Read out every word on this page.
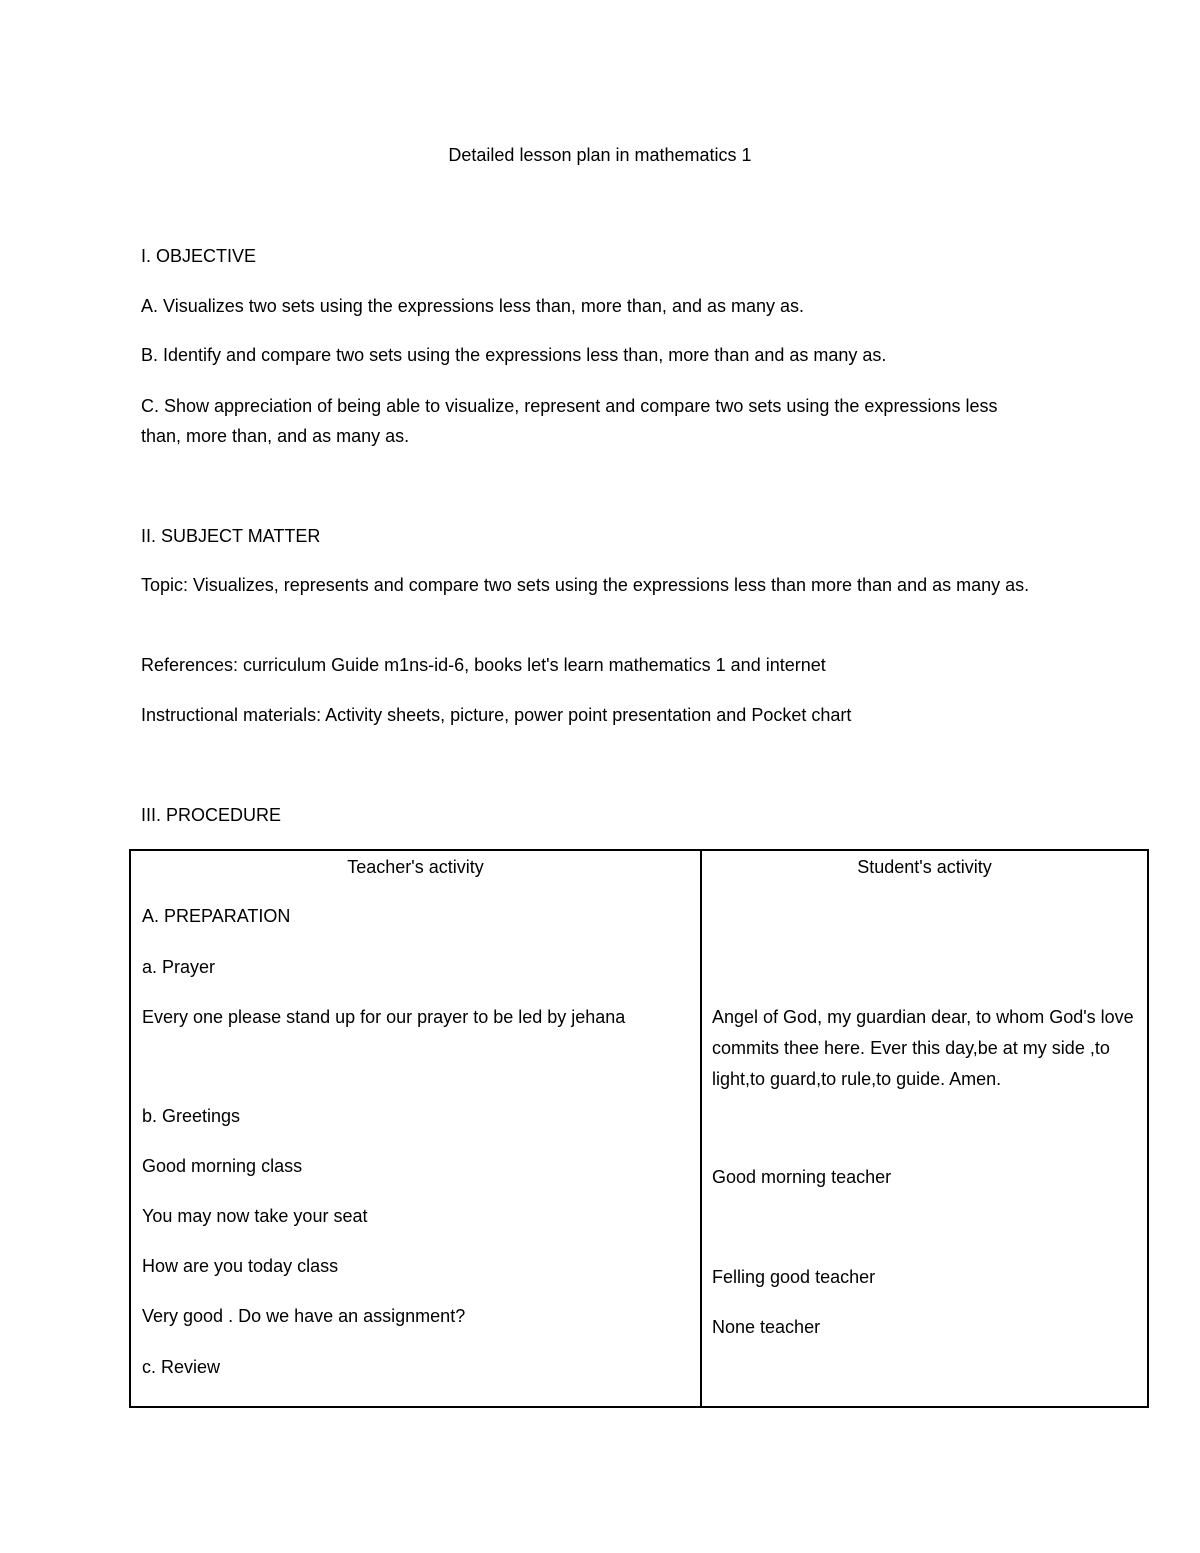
Detailed lesson plan in mathematics 1
I. OBJECTIVE
A. Visualizes two sets using the expressions less than, more than, and as many as.
B. Identify and compare two sets using the expressions less than, more than and as many as.
C. Show appreciation of being able to visualize, represent and compare two sets using the expressions less than, more than, and as many as.
II. SUBJECT MATTER
Topic: Visualizes, represents and compare two sets using the expressions less than more than and as many as.
References: curriculum Guide m1ns-id-6, books let's learn mathematics 1 and internet
Instructional materials: Activity sheets, picture, power point presentation and Pocket chart
III. PROCEDURE
Teacher's activity	Student's activity
A. PREPARATION
a. Prayer
Every one please stand up for our prayer to be led by jehana
b. Greetings
Good morning class
You may now take your seat
How are you today class
Very good . Do we have an assignment?
c. Review
Angel of God, my guardian dear, to whom God's love commits thee here. Ever this day,be at my side ,to light,to guard,to rule,to guide. Amen.
Good morning teacher
Felling good teacher
None teacher
